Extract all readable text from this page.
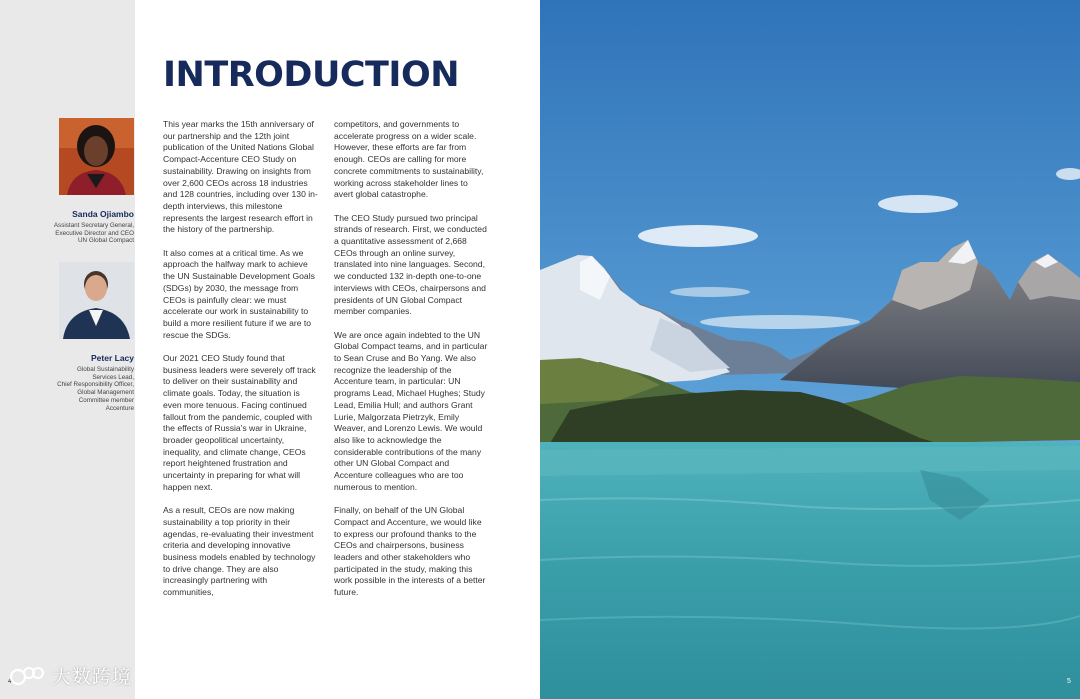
INTRODUCTION
Sanda Ojiambo
Assistant Secretary General,
Executive Director and CEO
UN Global Compact
Peter Lacy
Global Sustainability
Services Lead,
Chief Responsibility Officer,
Global Management
Committee member
Accenture

This year marks the 15th anniversary of our partnership and the 12th joint publication of the United Nations Global Compact-Accenture CEO Study on sustainability. Drawing on insights from over 2,600 CEOs across 18 industries and 128 countries, including over 130 in-depth interviews, this milestone represents the largest research effort in the history of the partnership.

It also comes at a critical time. As we approach the halfway mark to achieve the UN Sustainable Development Goals (SDGs) by 2030, the message from CEOs is painfully clear: we must accelerate our work in sustainability to build a more resilient future if we are to rescue the SDGs.

Our 2021 CEO Study found that business leaders were severely off track to deliver on their sustainability and climate goals. Today, the situation is even more tenuous. Facing continued fallout from the pandemic, coupled with the effects of Russia's war in Ukraine, broader geopolitical uncertainty, inequality, and climate change, CEOs report heightened frustration and uncertainty in preparing for what will happen next.

As a result, CEOs are now making sustainability a top priority in their agendas, re-evaluating their investment criteria and developing innovative business models enabled by technology to drive change. They are also increasingly partnering with communities,

competitors, and governments to accelerate progress on a wider scale. However, these efforts are far from enough. CEOs are calling for more concrete commitments to sustainability, working across stakeholder lines to avert global catastrophe.

The CEO Study pursued two principal strands of research. First, we conducted a quantitative assessment of 2,668 CEOs through an online survey, translated into nine languages. Second, we conducted 132 in-depth one-to-one interviews with CEOs, chairpersons and presidents of UN Global Compact member companies.

We are once again indebted to the UN Global Compact teams, and in particular to Sean Cruse and Bo Yang. We also recognize the leadership of the Accenture team, in particular: UN programs Lead, Michael Hughes; Study Lead, Emilia Hull; and authors Grant Lurie, Malgorzata Pietrzyk, Emily Weaver, and Lorenzo Lewis. We would also like to acknowledge the considerable contributions of the many other UN Global Compact and Accenture colleagues who are too numerous to mention.

Finally, on behalf of the UN Global Compact and Accenture, we would like to express our profound thanks to the CEOs and chairpersons, business leaders and other stakeholders who participated in the study, making this work possible in the interests of a better future.

4	5
大数跨境
